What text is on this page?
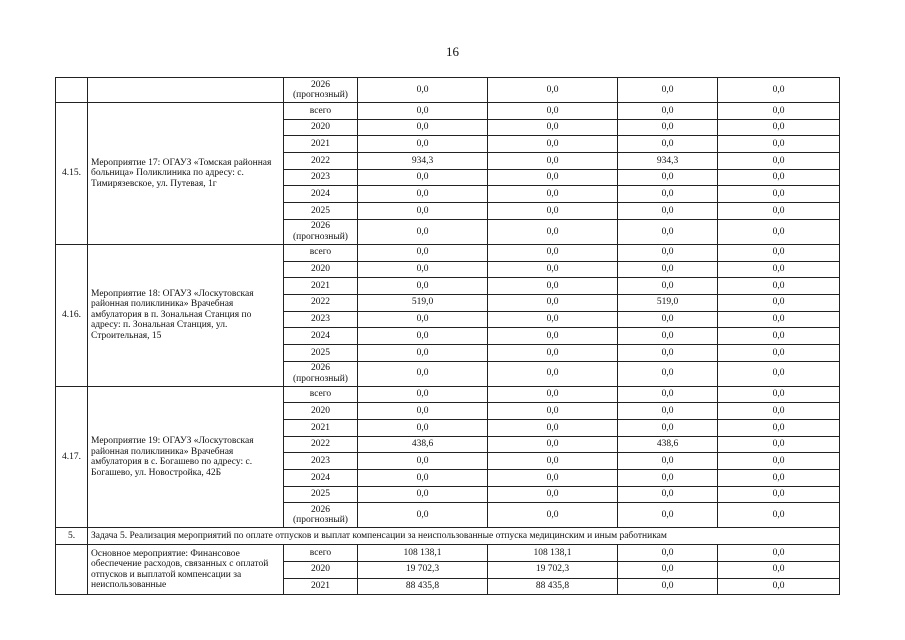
16
		2026 (прогнозный)	0,0	0,0	0,0	0,0
4.15.	Мероприятие 17: ОГАУЗ «Томская районная больница» Поликлиника по адресу: с. Тимирязевское, ул. Путевая, 1г	всего	0,0	0,0	0,0	0,0
		2020	0,0	0,0	0,0	0,0
		2021	0,0	0,0	0,0	0,0
		2022	934,3	0,0	934,3	0,0
		2023	0,0	0,0	0,0	0,0
		2024	0,0	0,0	0,0	0,0
		2025	0,0	0,0	0,0	0,0
		2026 (прогнозный)	0,0	0,0	0,0	0,0
4.16.	Мероприятие 18: ОГАУЗ «Лоскутовская районная поликлиника» Врачебная амбулатория в п. Зональная Станция по адресу: п. Зональная Станция, ул. Строительная, 15	всего	0,0	0,0	0,0	0,0
		2020	0,0	0,0	0,0	0,0
		2021	0,0	0,0	0,0	0,0
		2022	519,0	0,0	519,0	0,0
		2023	0,0	0,0	0,0	0,0
		2024	0,0	0,0	0,0	0,0
		2025	0,0	0,0	0,0	0,0
		2026 (прогнозный)	0,0	0,0	0,0	0,0
4.17.	Мероприятие 19: ОГАУЗ «Лоскутовская районная поликлиника» Врачебная амбулатория в с. Богашево по адресу: с. Богашево, ул. Новостройка, 42Б	всего	0,0	0,0	0,0	0,0
		2020	0,0	0,0	0,0	0,0
		2021	0,0	0,0	0,0	0,0
		2022	438,6	0,0	438,6	0,0
		2023	0,0	0,0	0,0	0,0
		2024	0,0	0,0	0,0	0,0
		2025	0,0	0,0	0,0	0,0
		2026 (прогнозный)	0,0	0,0	0,0	0,0
5.	Задача 5. Реализация мероприятий по оплате отпусков и выплат компенсации за неиспользованные отпуска медицинским и иным работникам					
	Основное мероприятие: Финансовое обеспечение расходов, связанных с оплатой отпусков и выплатой компенсации за неиспользованные	всего	108 138,1	108 138,1	0,0	0,0
		2020	19 702,3	19 702,3	0,0	0,0
		2021	88 435,8	88 435,8	0,0	0,0
